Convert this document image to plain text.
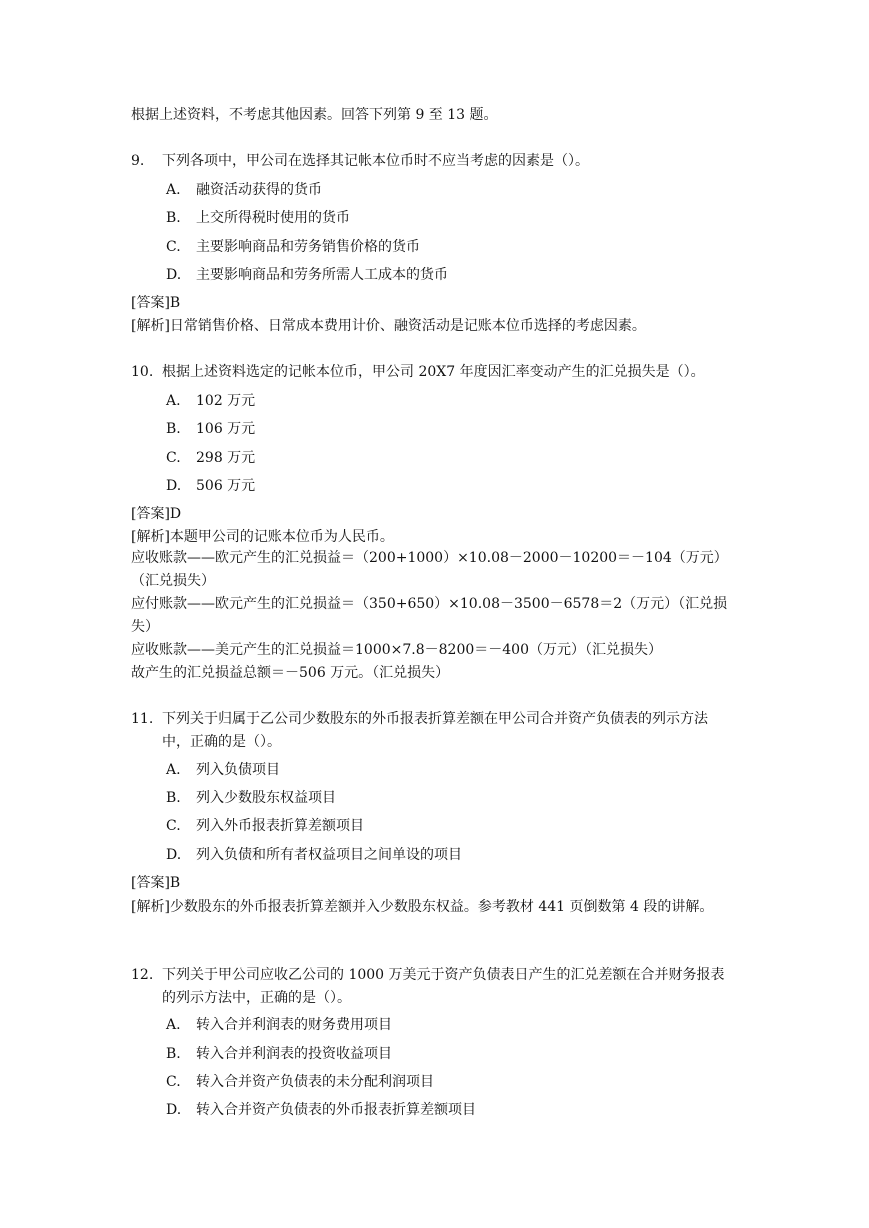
根据上述资料，不考虑其他因素。回答下列第 9 至 13 题。
9. 下列各项中，甲公司在选择其记帐本位币时不应当考虑的因素是（）。
A. 融资活动获得的货币
B. 上交所得税时使用的货币
C. 主要影响商品和劳务销售价格的货币
D. 主要影响商品和劳务所需人工成本的货币
[答案]B
[解析]日常销售价格、日常成本费用计价、融资活动是记账本位币选择的考虑因素。
10. 根据上述资料选定的记帐本位币，甲公司 20X7 年度因汇率变动产生的汇兑损失是（）。
A. 102 万元
B. 106 万元
C. 298 万元
D. 506 万元
[答案]D
[解析]本题甲公司的记账本位币为人民币。
应收账款——欧元产生的汇兑损益＝（200+1000）×10.08－2000－10200＝－104（万元）（汇兑损失）
应付账款——欧元产生的汇兑损益＝（350+650）×10.08－3500－6578＝2（万元）（汇兑损失）
应收账款——美元产生的汇兑损益＝1000×7.8－8200＝－400（万元）（汇兑损失）
故产生的汇兑损益总额＝－506 万元。（汇兑损失）
11. 下列关于归属于乙公司少数股东的外币报表折算差额在甲公司合并资产负债表的列示方法中，正确的是（）。
A. 列入负债项目
B. 列入少数股东权益项目
C. 列入外币报表折算差额项目
D. 列入负债和所有者权益项目之间单设的项目
[答案]B
[解析]少数股东的外币报表折算差额并入少数股东权益。参考教材 441 页倒数第 4 段的讲解。
12. 下列关于甲公司应收乙公司的 1000 万美元于资产负债表日产生的汇兑差额在合并财务报表的列示方法中，正确的是（）。
A. 转入合并利润表的财务费用项目
B. 转入合并利润表的投资收益项目
C. 转入合并资产负债表的未分配利润项目
D. 转入合并资产负债表的外币报表折算差额项目
